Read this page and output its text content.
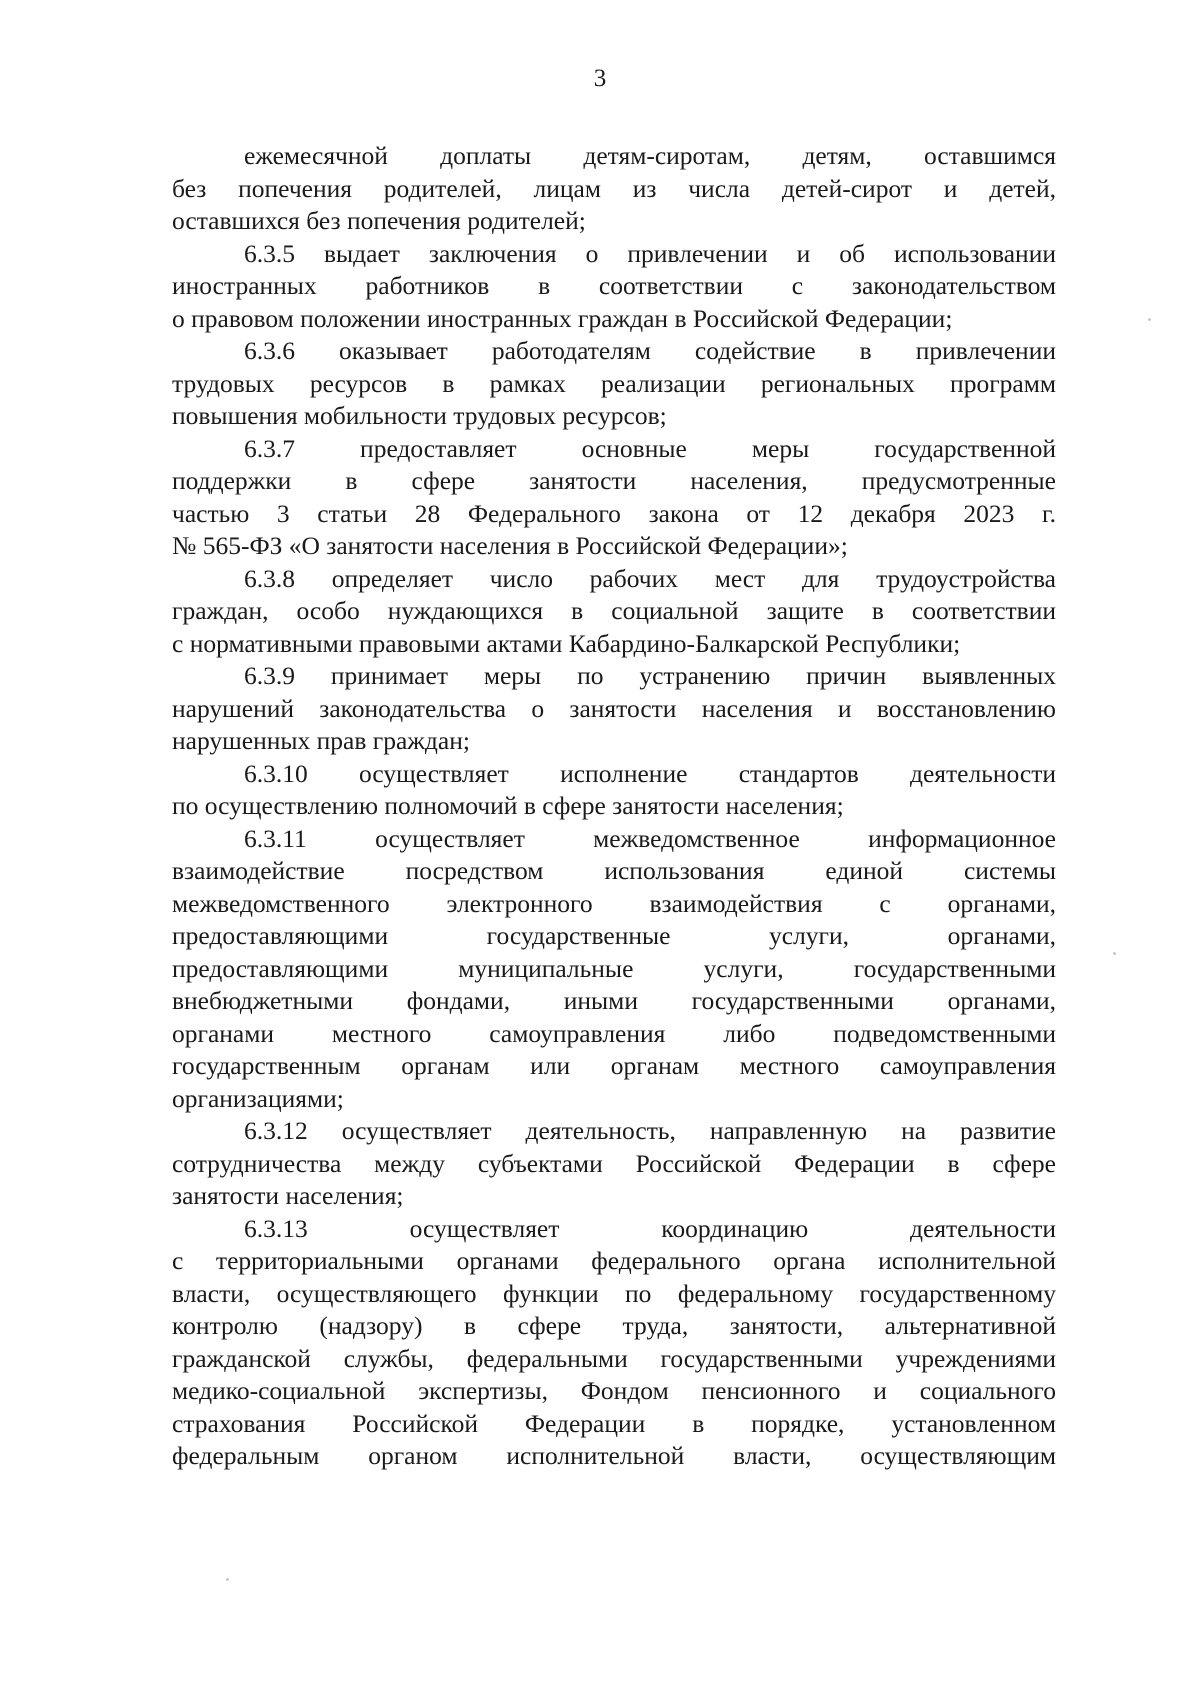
3
ежемесячной доплаты детям-сиротам, детям, оставшимся
без попечения родителей, лицам из числа детей-сирот и детей,
оставшихся без попечения родителей;
6.3.5 выдает заключения о привлечении и об использовании
иностранных работников в соответствии с законодательством
о правовом положении иностранных граждан в Российской Федерации;
6.3.6 оказывает работодателям содействие в привлечении
трудовых ресурсов в рамках реализации региональных программ
повышения мобильности трудовых ресурсов;
6.3.7 предоставляет основные меры государственной
поддержки в сфере занятости населения, предусмотренные
частью 3 статьи 28 Федерального закона от 12 декабря 2023 г.
№ 565-ФЗ «О занятости населения в Российской Федерации»;
6.3.8 определяет число рабочих мест для трудоустройства
граждан, особо нуждающихся в социальной защите в соответствии
с нормативными правовыми актами Кабардино-Балкарской Республики;
6.3.9 принимает меры по устранению причин выявленных
нарушений законодательства о занятости населения и восстановлению
нарушенных прав граждан;
6.3.10 осуществляет исполнение стандартов деятельности
по осуществлению полномочий в сфере занятости населения;
6.3.11 осуществляет межведомственное информационное
взаимодействие посредством использования единой системы
межведомственного электронного взаимодействия с органами,
предоставляющими государственные услуги, органами,
предоставляющими муниципальные услуги, государственными
внебюджетными фондами, иными государственными органами,
органами местного самоуправления либо подведомственными
государственным органам или органам местного самоуправления
организациями;
6.3.12 осуществляет деятельность, направленную на развитие
сотрудничества между субъектами Российской Федерации в сфере
занятости населения;
6.3.13 осуществляет координацию деятельности
с территориальными органами федерального органа исполнительной
власти, осуществляющего функции по федеральному государственному
контролю (надзору) в сфере труда, занятости, альтернативной
гражданской службы, федеральными государственными учреждениями
медико-социальной экспертизы, Фондом пенсионного и социального
страхования Российской Федерации в порядке, установленном
федеральным органом исполнительной власти, осуществляющим
